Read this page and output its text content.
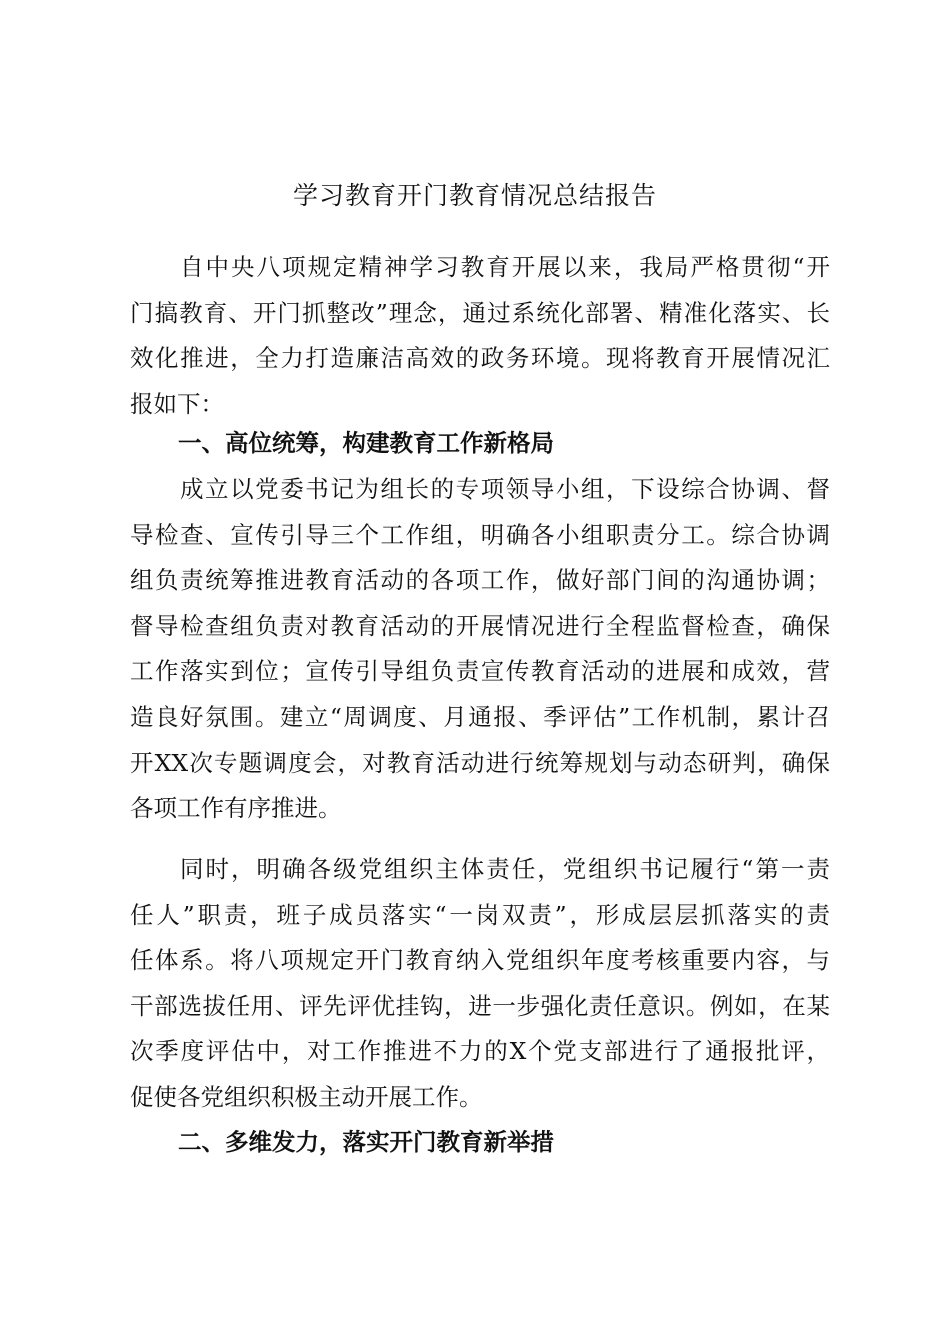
学习教育开门教育情况总结报告
自中央八项规定精神学习教育开展以来，我局严格贯彻“开
门搞教育、开门抓整改”理念，通过系统化部署、精准化落实、长
效化推进，全力打造廉洁高效的政务环境。现将教育开展情况汇
报如下：
一、高位统筹，构建教育工作新格局
成立以党委书记为组长的专项领导小组，下设综合协调、督
导检查、宣传引导三个工作组，明确各小组职责分工。综合协调
组负责统筹推进教育活动的各项工作，做好部门间的沟通协调；
督导检查组负责对教育活动的开展情况进行全程监督检查，确保
工作落实到位；宣传引导组负责宣传教育活动的进展和成效，营
造良好氛围。建立“周调度、月通报、季评估”工作机制，累计召
开XX次专题调度会，对教育活动进行统筹规划与动态研判，确保
各项工作有序推进。
同时，明确各级党组织主体责任，党组织书记履行“第一责
任人”职责，班子成员落实“一岗双责”，形成层层抓落实的责
任体系。将八项规定开门教育纳入党组织年度考核重要内容，与
干部选拔任用、评先评优挂钩，进一步强化责任意识。例如，在某
次季度评估中，对工作推进不力的X个党支部进行了通报批评，
促使各党组织积极主动开展工作。
二、多维发力，落实开门教育新举措
